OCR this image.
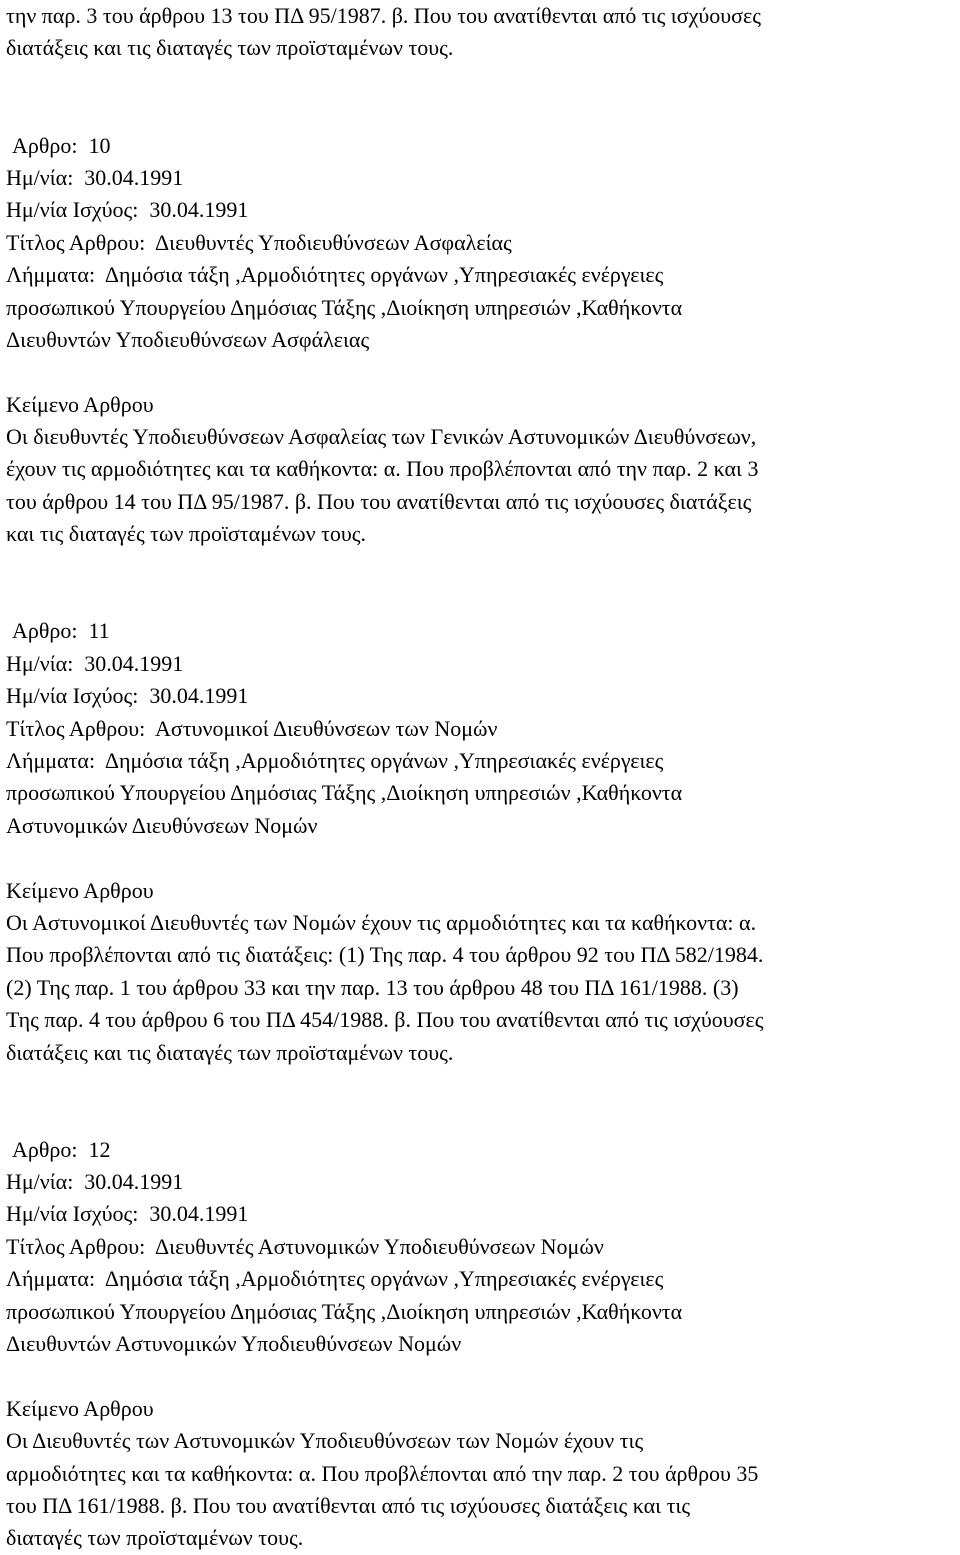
την παρ. 3 του άρθρου 13 του ΠΔ 95/1987. β. Που του ανατίθενται από τις ισχύουσες
διατάξεις και τις διαταγές των προϊσταμένων τους.
Αρθρο:  10
Ημ/νία:  30.04.1991
Ημ/νία Ισχύος:  30.04.1991
Τίτλος Αρθρου:  Διευθυντές Υποδιευθύνσεων Ασφαλείας
Λήμματα:  Δημόσια τάξη ,Αρμοδιότητες οργάνων ,Υπηρεσιακές ενέργειες
προσωπικού Υπουργείου Δημόσιας Τάξης ,Διοίκηση υπηρεσιών ,Καθήκοντα
Διευθυντών Υποδιευθύνσεων Ασφάλειας
Κείμενο Αρθρου
Οι διευθυντές Υποδιευθύνσεων Ασφαλείας των Γενικών Αστυνομικών Διευθύνσεων,
έχουν τις αρμοδιότητες και τα καθήκοντα: α. Που προβλέπονται από την παρ. 2 και 3
του άρθρου 14 του ΠΔ 95/1987. β. Που του ανατίθενται από τις ισχύουσες διατάξεις
και τις διαταγές των προϊσταμένων τους.
Αρθρο:  11
Ημ/νία:  30.04.1991
Ημ/νία Ισχύος:  30.04.1991
Τίτλος Αρθρου:  Αστυνομικοί Διευθύνσεων των Νομών
Λήμματα:  Δημόσια τάξη ,Αρμοδιότητες οργάνων ,Υπηρεσιακές ενέργειες
προσωπικού Υπουργείου Δημόσιας Τάξης ,Διοίκηση υπηρεσιών ,Καθήκοντα
Αστυνομικών Διευθύνσεων Νομών
Κείμενο Αρθρου
Οι Αστυνομικοί Διευθυντές των Νομών έχουν τις αρμοδιότητες και τα καθήκοντα: α.
Που προβλέπονται από τις διατάξεις: (1) Της παρ. 4 του άρθρου 92 του ΠΔ 582/1984.
(2) Της παρ. 1 του άρθρου 33 και την παρ. 13 του άρθρου 48 του ΠΔ 161/1988. (3)
Της παρ. 4 του άρθρου 6 του ΠΔ 454/1988. β. Που του ανατίθενται από τις ισχύουσες
διατάξεις και τις διαταγές των προϊσταμένων τους.
Αρθρο:  12
Ημ/νία:  30.04.1991
Ημ/νία Ισχύος:  30.04.1991
Τίτλος Αρθρου:  Διευθυντές Αστυνομικών Υποδιευθύνσεων Νομών
Λήμματα:  Δημόσια τάξη ,Αρμοδιότητες οργάνων ,Υπηρεσιακές ενέργειες
προσωπικού Υπουργείου Δημόσιας Τάξης ,Διοίκηση υπηρεσιών ,Καθήκοντα
Διευθυντών Αστυνομικών Υποδιευθύνσεων Νομών
Κείμενο Αρθρου
Οι Διευθυντές των Αστυνομικών Υποδιευθύνσεων των Νομών έχουν τις
αρμοδιότητες και τα καθήκοντα: α. Που προβλέπονται από την παρ. 2 του άρθρου 35
του ΠΔ 161/1988. β. Που του ανατίθενται από τις ισχύουσες διατάξεις και τις
διαταγές των προϊσταμένων τους.
